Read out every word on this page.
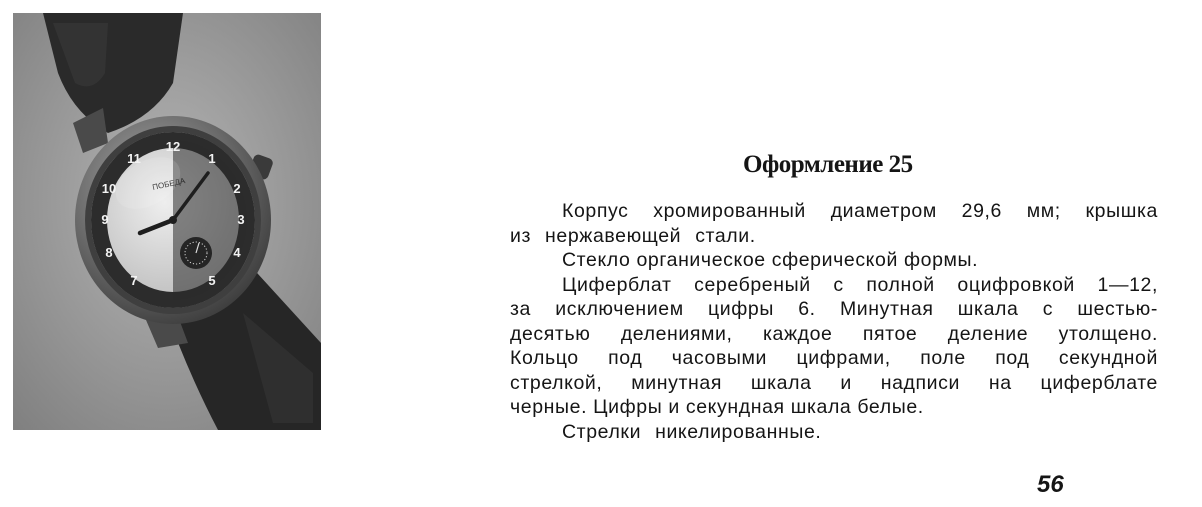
12
11	1
10	2
9	3
8	4
7	5
ПОБЕДА
Оформление 25
Корпус хромированный диаметром 29,6 мм; крышка
из нержавеющей стали.
Стекло органическое сферической формы.
Циферблат серебреный с полной оцифровкой 1—12,
за исключением цифры 6. Минутная шкала с шестью-
десятью делениями, каждое пятое деление утолщено.
Кольцо под часовыми цифрами, поле под секундной
стрелкой, минутная шкала и надписи на циферблате
черные. Цифры и секундная шкала белые.
Стрелки никелированные.
56
